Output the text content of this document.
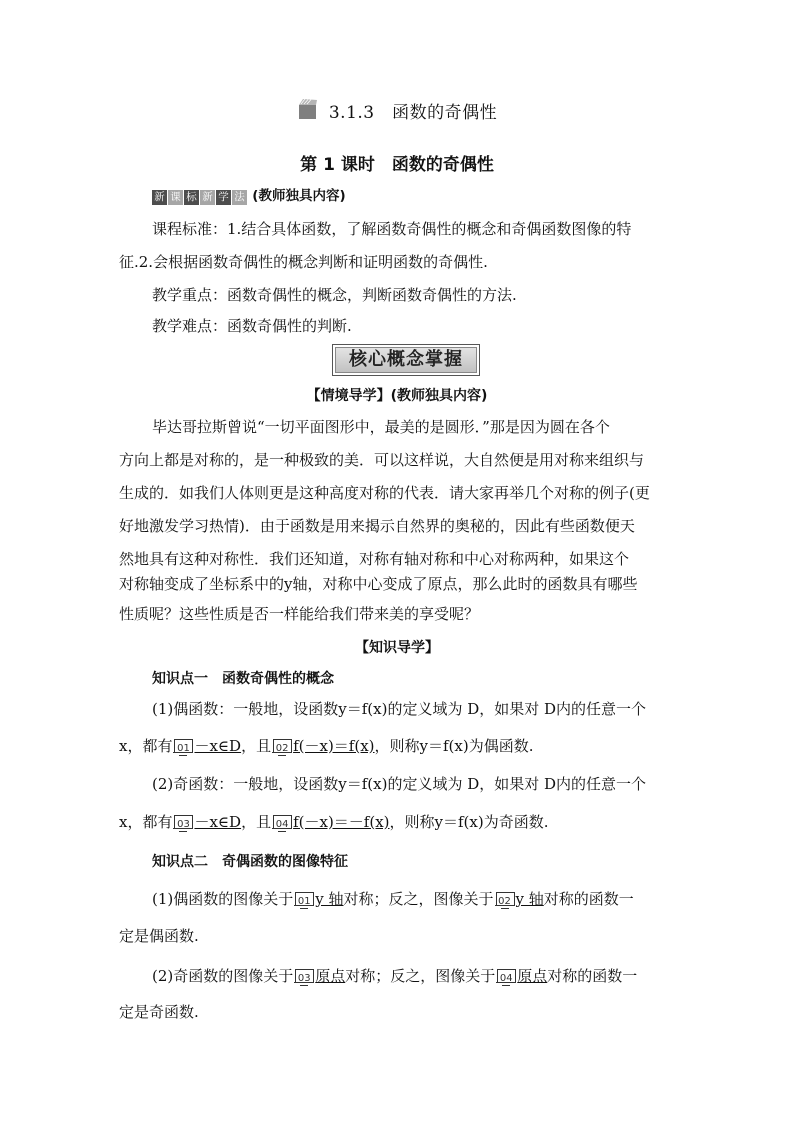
3.1.3　函数的奇偶性
第 1 课时　函数的奇偶性
新 课 标 新 学 法 (教师独具内容)
课程标准：1.结合具体函数，了解函数奇偶性的概念和奇偶函数图像的特
征.2.会根据函数奇偶性的概念判断和证明函数的奇偶性.
教学重点：函数奇偶性的概念，判断函数奇偶性的方法.
教学难点：函数奇偶性的判断.
核心概念掌握
【情境导学】(教师独具内容)
毕达哥拉斯曾说“一切平面图形中，最美的是圆形．”那是因为圆在各个
方向上都是对称的，是一种极致的美．可以这样说，大自然便是用对称来组织与
生成的．如我们人体则更是这种高度对称的代表．请大家再举几个对称的例子(更
好地激发学习热情)．由于函数是用来揭示自然界的奥秘的，因此有些函数便天
然地具有这种对称性．我们还知道，对称有轴对称和中心对称两种，如果这个
对称轴变成了坐标系中的y轴，对称中心变成了原点，那么此时的函数具有哪些
性质呢？这些性质是否一样能给我们带来美的享受呢？
【知识导学】
知识点一　函数奇偶性的概念
(1)偶函数：一般地，设函数y＝f(x)的定义域为 D，如果对 D内的任意一个
x，都有 01 －x∈D，且 02 f(－x)＝f(x)，则称y＝f(x)为偶函数.
(2)奇函数：一般地，设函数y＝f(x)的定义域为 D，如果对 D内的任意一个
x，都有 03 －x∈D，且 04 f(－x)＝－f(x)，则称y＝f(x)为奇函数.
知识点二　奇偶函数的图像特征
(1)偶函数的图像关于 01 y 轴对称；反之，图像关于 02 y 轴对称的函数一
定是偶函数.
(2)奇函数的图像关于 03 原点对称；反之，图像关于 04 原点对称的函数一
定是奇函数.
